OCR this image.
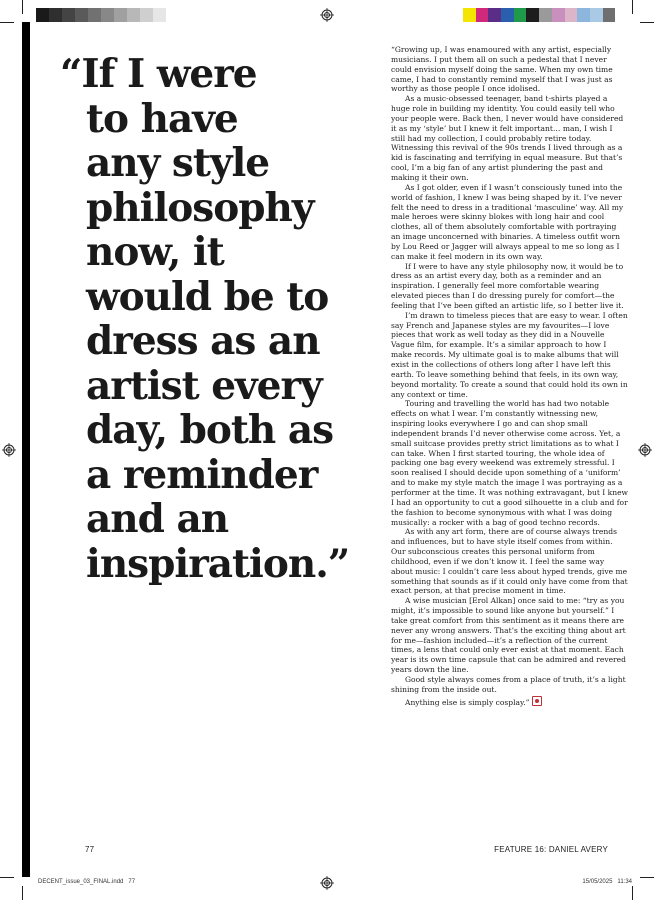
“If I were
to have
any style
philosophy
now, it
would be to
dress as an
artist every
day, both as
a reminder
and an
inspiration.”

“Growing up, I was enamoured with any artist, especially musicians. I put them all on such a pedestal that I never could envision myself doing the same. When my own time came, I had to constantly remind myself that I was just as worthy as those people I once idolised.

As a music-obsessed teenager, band t-shirts played a huge role in building my identity. You could easily tell who your people were. Back then, I never would have considered it as my ‘style’ but I knew it felt important… man, I wish I still had my collection, I could probably retire today. Witnessing this revival of the 90s trends I lived through as a kid is fascinating and terrifying in equal measure. But that’s cool, I’m a big fan of any artist plundering the past and making it their own.

As I got older, even if I wasn’t consciously tuned into the world of fashion, I knew I was being shaped by it. I’ve never felt the need to dress in a traditional ‘masculine’ way. All my male heroes were skinny blokes with long hair and cool clothes, all of them absolutely comfortable with portraying an image unconcerned with binaries. A timeless outfit worn by Lou Reed or Jagger will always appeal to me so long as I can make it feel modern in its own way.

If I were to have any style philosophy now, it would be to dress as an artist every day, both as a reminder and an inspiration. I generally feel more comfortable wearing elevated pieces than I do dressing purely for comfort—the feeling that I’ve been gifted an artistic life, so I better live it.

I’m drawn to timeless pieces that are easy to wear. I often say French and Japanese styles are my favourites—I love pieces that work as well today as they did in a Nouvelle Vague film, for example. It’s a similar approach to how I make records. My ultimate goal is to make albums that will exist in the collections of others long after I have left this earth. To leave something behind that feels, in its own way, beyond mortality. To create a sound that could hold its own in any context or time.

Touring and travelling the world has had two notable effects on what I wear. I’m constantly witnessing new, inspiring looks everywhere I go and can shop small independent brands I’d never otherwise come across. Yet, a small suitcase provides pretty strict limitations as to what I can take. When I first started touring, the whole idea of packing one bag every weekend was extremely stressful. I soon realised I should decide upon something of a ‘uniform’ and to make my style match the image I was portraying as a performer at the time. It was nothing extravagant, but I knew I had an opportunity to cut a good silhouette in a club and for the fashion to become synonymous with what I was doing musically: a rocker with a bag of good techno records.

As with any art form, there are of course always trends and influences, but to have style itself comes from within. Our subconscious creates this personal uniform from childhood, even if we don’t know it. I feel the same way about music: I couldn’t care less about hyped trends, give me something that sounds as if it could only have come from that exact person, at that precise moment in time.

A wise musician [Erol Alkan] once said to me: “try as you might, it’s impossible to sound like anyone but yourself.” I take great comfort from this sentiment as it means there are never any wrong answers. That’s the exciting thing about art for me—fashion included—it’s a reflection of the current times, a lens that could only ever exist at that moment. Each year is its own time capsule that can be admired and revered years down the line.

Good style always comes from a place of truth, it’s a light shining from the inside out.

Anything else is simply cosplay.”

77	FEATURE 16: DANIEL AVERY
DECENT_issue_03_FINAL.indd   77	15/05/2025   11:34
